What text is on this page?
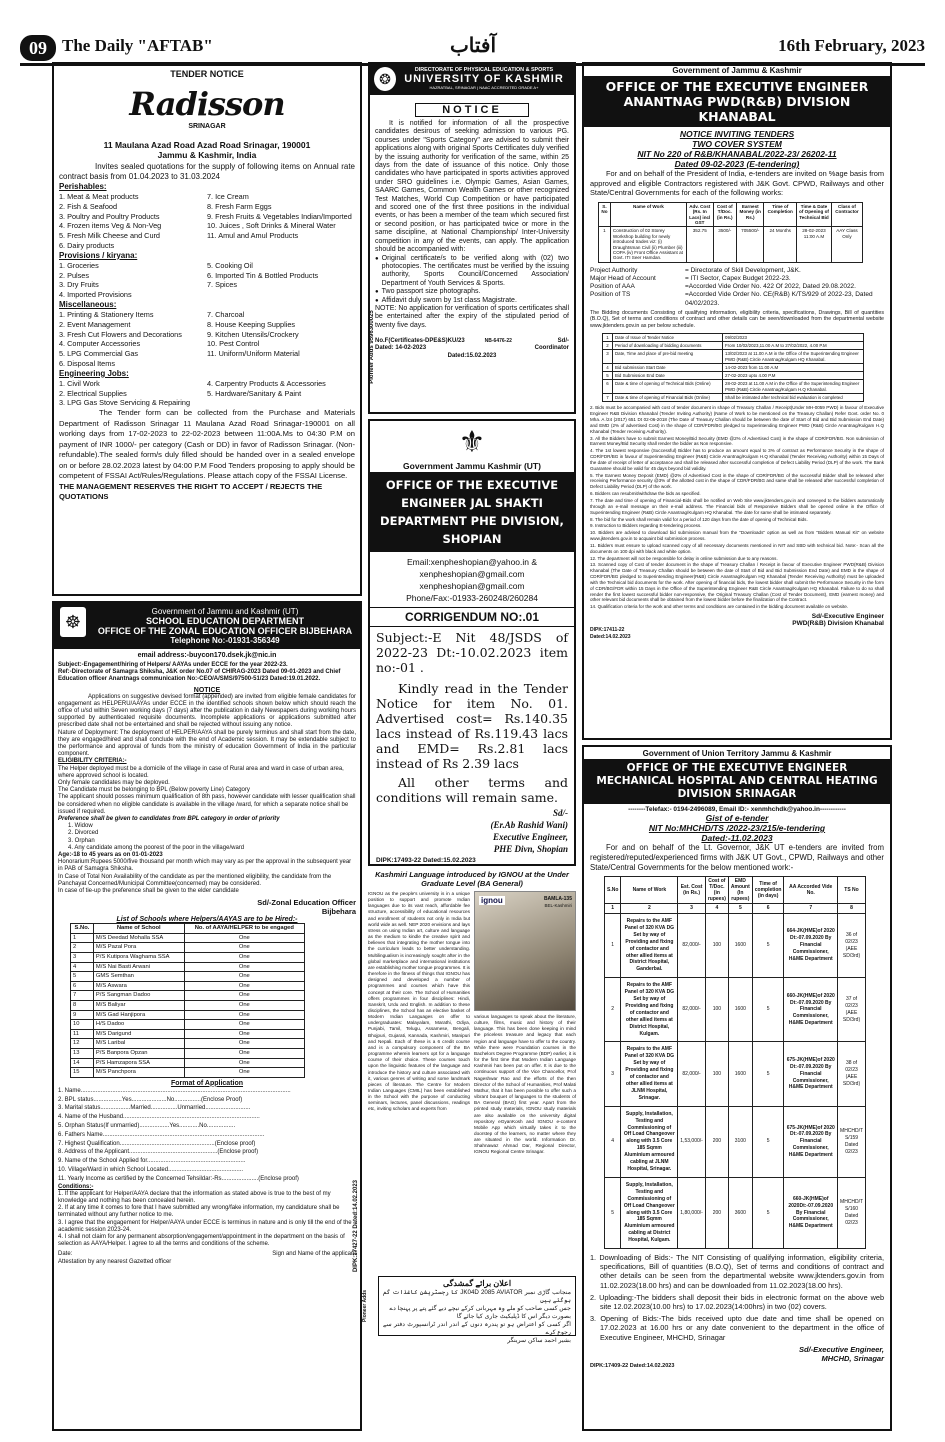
09 The Daily "AFTAB"	آفتاب	16th February, 2023
TENDER NOTICE
Radisson
SRINAGAR
11 Maulana Azad Road Azad Road Srinagar, 190001
Jammu & Kashmir, India
Invites sealed quotations for the supply of following items on Annual rate contract basis from 01.04.2023 to 31.03.2024
Perishables:
1. Meat & Meat products
2. Fish & Seafood
3. Poultry and Poultry Products
4. Frozen items Veg & Non-Veg
5. Fresh Milk Cheese and Curd
6. Dairy products
7. Ice Cream
8. Fresh Farm Eggs
9. Fresh Fruits & Vegetables Indian/Imported
10. Juices , Soft Drinks & Mineral Water
11. Amul and Amul Products

Provisions / kiryana:
1. Groceries
2. Pulses
3. Dry Fruits
4. Imported Provisions
5. Cooking Oil
6. Imported Tin & Bottled Products
7. Spices

Miscellaneous:
1. Printing & Stationery Items
2. Event Management
3. Fresh Cut Flowers and Decorations
4. Computer Accessories
5. LPG Commercial Gas
6. Disposal Items
7. Charcoal
8. House Keeping Supplies
9. Kitchen Utensils/Crockery
10. Pest Control
11. Uniform/Uniform Material

Engineering Jobs:
1. Civil Work
2. Electrical Supplies
3. LPG Gas Stove Servicing & Repairing
4. Carpentry Products & Accessories
5. Hardware/Sanitary & Paint

The Tender form can be collected from the Purchase and Materials Department of Radisson Srinagar 11 Maulana Azad Road Srinagar-190001 on all working days from 17-02-2023 to 22-02-2023 between 11:00A.Ms to 04:30 P.M on payment of INR 1000/- per category (Cash or DD) in favor of Radisson Srinagar. (Non- refundable).The sealed form/s duly filled should be handed over in a sealed envelope on or before 28.02.2023 latest by 04:00 P.M Food Tenders proposing to apply should be competent of FSSAI Act/Rules/Regulations. Please attach copy of the FSSAI License.
THE MANAGEMENT RESERVES THE RIGHT TO ACCEPT / REJECTS THE QUOTATIONS
Pioneer Adds 9596300025
☸
Government of Jammu and Kashmir (UT)
SCHOOL EDUCATION DEPARTMENT
OFFICE OF THE ZONAL EDUCATION OFFICER BIJBEHARA
Telephone No:-01931-356349
email address:-buycon170.dsek.jk@nic.in
Subject:-Engagement/hiring of Helpers/ AAYAs under ECCE for the year 2022-23.
Ref:-Directorate of Samagra Shiksha, J&K order No.07 of CHIRAG-2023 Dated 09-01-2023 and Chief Education officer Anantnags communication No:-CEO/A/SMS/97500-51/23 Dated:19.01.2022.
NOTICE
Applications on suggestive devised format (appended) are invited from eligible female candidates for engagement as HELPERU/AAYAs under ECCE in the identified schools shown below which should reach the office of u/sd within Seven working days (7 days) after the publication in daily Newspapers during working hours supported by authenticated requisite documents. Incomplete applications or applications submitted after prescribed date shall not be entertained and shall be rejected without issuing any notice.
Nature of Deployment: The deployment of HELPER/AAYA shall be purely terminus and shall start from the date, they are engaged/hired and shall conclude with the end of Academic session. It may be extendable subject to the performance and approval of funds from the ministry of education Government of India in the particular component.
ELIGIBILITY CRITERIA:-
The Helper deployed must be a domicile of the village in case of Rural area and ward in case of urban area, where approved school is located.
Only female candidates may be deployed.
The Candidate must be belonging to BPL (Below poverty Line) Category
The applicant should posses minimum qualification of 8th pass, however candidate with lesser qualification shall be considered when no eligible candidate is available in the village /ward, for which a separate notice shall be issued if required.
Preference shall be given to candidates from BPL category in order of priority
1. Widow
2. Divorced
3. Orphan
4. Any candidate among the poorest of the poor in the village/ward
Age:-18 to 45 years as on 01-01-2023
Honorarium:Rupees 5000/five thousand per month which may vary as per the approval in the subsequent year in PAB of Samagra Shiksha.
In Case of Total Non Availability of the candidate as per the mentioned eligibility, the candidate from the Panchayat Concerned/Municipal Committee(concerned) may be considered.
In case of tie-up the preference shall be given to the elder candidate
Sd/-Zonal Education Officer
Bijbehara
List of Schools where Helpers/AAYAS are to be Hired:-
S.No.	Name of School	No. of AAYA/HELPER to be engaged
1	M/S Deedad Mohalla SSA	One
2	M/S Pazal Pora	One
3	P/S Kutipora Waghama SSA	One
4	M/S Nai Basti Arwani	One
5	GMS Semthan	One
6	M/S Aswara	One
7	P/S Sangman Dadoo	One
8	M/S Baliyar	One
9	M/S Gad Hanjipora	One
10	H/S Dadoo	One
11	M/S Darigund	One
12	M/S Laribal	One
13	P/S Banpora Opzan	One
14	P/S Hamzapora SSA	One
15	M/S Panchpora	One
Format of Application
1. Name..............................................................................................................................
2. BPL status.................Yes.....................No................(Enclose Proof)
3. Marital status..................Married................Unmarried...........................
4. Name of the Husband..................................................................................
5. Orphan Status(If unmarried)..................Yes............No.................
6. Fathers Name.................................................................................................
7. Highest Qualification.........................................................(Enclose proof)
8. Address of the Applicant.....................................................(Enclose proof)
9. Name of the School Applied for...........................................................
10. Village/Ward in which School Located.............................................
11. Yearly Income as certified by the Concerned Tehsildar:-Rs......................(Enclose proof)
Conditions:-
1. If the applicant for Helper/AAYA declare that the information as stated above is true to the best of my knowledge and nothing has been concealed herein.
2. If at any time it comes to fore that I have submitted any wrong/fake information, my candidature shall be terminated without any further notice to me.
3. I agree that the engagement for Helper/AAYA under ECCE is terminus in nature and is only till the end of the academic session 2023-24.
4. I shall not claim for any permanent absorption/engagement/appointment in the department on the basis of selection as AAYA/Helper. I agree to all the terms and conditions of the scheme.
Date:	Sign and Name of the applicant
Attestation by any nearest Gazetted officer	DIPK:17427-22 Dated:14.02.2023
❂
DIRECTORATE OF PHYSICAL EDUCATION & SPORTS
UNIVERSITY OF KASHMIR
HAZRATBAL, SRINAGAR | NAAC ACCREDITED GRADE A+
NOTICE
It is notified for information of all the prospective candidates desirous of seeking admission to various PG. courses under "Sports Category" are advised to submit their applications along with original Sports Certificates duly verified by the issuing authority for verification of the same, within 25 days from the date of issuance of this notice. Only those candidates who have participated in sports activities approved under SRO guidelines i.e. Olympic Games, Asian Games, SAARC Games, Common Wealth Games or other recognized Test Matches, World Cup Competition or have participated and scored one of the first three positions in the individual events, or has been a member of the team which secured first or second position, or has participated twice or more in the same discipline, at National Championship/ Inter-University competition in any of the events, can apply. The application should be accompanied with:
● Original certificate/s to be verified along with (02) two photocopies. The certificates must be verified by the issuing authority, Sports Council/Concerned Association/ Department of Youth Services & Sports.
● Two passport size photographs.
● Affidavit duly sworn by 1st class Magistrate.
NOTE: No application for verification of sports certificates shall be entertained after the expiry of the stipulated period of twenty five days.
No.F(Certificates-DPE&S)KU/23
Dated: 14-02-2023
NB-6476-22	Sd/-
Coordinator
Dated:15.02.2023
⚜
Government Jammu Kashmir (UT)
OFFICE OF THE EXECUTIVE ENGINEER JAL SHAKTI DEPARTMENT PHE DIVISION, SHOPIAN
Email:xenpheshopian@yahoo.in &
xenpheshopian@gmail.com
xenpheshopian@gmail.com
Phone/Fax:-01933-260248/260284
CORRIGENDUM NO:.01
Subject:-E Nit 48/JSDS of 2022-23 Dt:-10.02.2023 item no:-01 .
Kindly read in the Tender Notice for item No. 01. Advertised cost= Rs.140.35 lacs instead of Rs.119.43 lacs and EMD= Rs.2.81 lacs instead of Rs 2.39 lacs
All other terms and conditions will remain same.
Sd/-
(Er.Ab Rashid Wani)
Executive Engineer,
PHE Divn, Shopian
DIPK:17493-22 Dated:15.02.2023
Kashmiri Language introduced by IGNOU at the Under Graduate Level (BA General)
IGNOU as the people's university is in a unique position to support and promote Indian languages due to its vast reach, affordable fee structure, accessibility of educational resources and enrollment of students not only in India but world wide as well. NEP 2020 envisions and lays stress on using Indian art, culture and language as the medium to kindle the creative spirit and believes that integrating the mother tongue into the curriculum leads to better understanding. Multilingualism is increasingly sought after in the global marketplace and international institutions are establishing mother tongue programmes. It is therefore in the fitness of things that IGNOU has designed and developed a number of programmes and courses which have this concept at their core. The School of Humanities offers programmes in four disciplines: Hindi, Sanskrit, Urdu and English. In addition to these disciplines, the School has an elective basket of Modern Indian Languages on offer to undergraduates: Malayalam, Marathi, Odiya, Punjabi, Tamil, Telugu, Assamese, Bengali, Bhojpuri, Gujarati, Kannada, Kashmiri, Manipuri and Nepali. Each of these is a 6 credit course and is a compulsory component of the BA programme wherein learners opt for a language course of their choice. These courses touch upon the linguistic features of the language and introduce the history and culture associated with it, various genres of writing and some landmark pieces of literature. The Centre for Modern Indian Languages (CMIL) has been established in the School with the purpose of conducting seminars, lectures, panel discussions, readings etc, inviting scholars and experts from
ignou	BAMLA-135
BEL-Kashmiri
various languages to speak about the literature, culture, films, music and history of their language. This has been done keeping in mind the priceless treasure and legacy that each region and language have to offer to the country. While there were Foundation courses in the Bachelors Degree Programme (BDP) earlier, it is for the first time that Modern Indian Language Kashmiri has been put on offer. It is due to the continuous support of the Vice Chancellor, Prof Nageshwar Rao and the efforts of the then Director of the School of Humanities, Prof Malati Mathur, that it has been possible to offer such a vibrant bouquet of languages to the students of BA General (BAG) first year. Apart from the printed study materials, IGNOU study materials are also available on the university digital repository eGyanKosh and IGNOU e-content Mobile App which virtually takes it to the doorstep of the learners, no matter where they are situated in the world. Information Dr. Shahnawaz Ahmad Dar, Regional Director, IGNOU Regional Centre Srinagar.
اعلان برائے گمشدگی
منجانب گاڑی نمبر JK04D 2085 AVIATOR کا رجسٹریشن کاغذات گم ہوگئے ہیں
جس کسی صاحب کو ملے وہ مہربانی کرکے نیچے دیے گئے پتے پر پہنچا دے
بصورت دیگر اس کا ڈپلیکیٹ جاری کیا جائے گا
اگر کسی کو اعتراض ہو تو پندرہ دنوں کے اندر اندر ٹرانسپورٹ دفتر سے رجوع کرے
بشیر احمد ساکن سرینگر
Pioneer Adds
Government of Jammu & Kashmir
OFFICE OF THE EXECUTIVE ENGINEER ANANTNAG PWD(R&B) DIVISION KHANABAL
NOTICE INVITING TENDERS
TWO COVER SYSTEM
NIT No 220 of R&B/KHANABAL/2022-23/ 26202-11
Dated 09-02-2023 (E-tendering)
For and on behalf of the President of India, e-tenders are invited on %age basis from approved and eligible Contractors registered with J&K Govt. CPWD, Railways and other State/Central Governments for each of the following works:
S. No	Name of Work	Adv. Cost (Rs. In Lacs) incl GST	Cost of T/Doc. (in Rs.)	Earnest Money (in Rs.)	Time of Completion	Time & Date of Opening of Technical Bid	Class of Contractor
1	Construction of 02 Storey Workshop building for newly introduced trades viz: (i) Draughtsman Civil (ii) Plumber (iii) COPA (iv) Front Office Assistant at Govt. ITI Seer Hamdan.	352.75	3500/-	705500/-	24 Months	28-02-2023 11:00 A.M	AAY Class Only
Project Authority	= Directorate of Skill Development, J&K.
Major Head of Account	= ITI Sector, Capex Budget 2022-23.
Position of AAA	=Accorded Vide Order No. 422 Of 2022, Dated 29.08.2022.
Position of TS	=Accorded Vide Order No. CE(R&B) K/TS/929 of 2022-23, Dated 04/02/2023.
The Bidding documents Consisting of qualifying information, eligibility criteria, specifications, Drawings, Bill of quantities (B.O.Q), Set of terms and conditions of contract and other details can be seen/downloaded from the departmental website www.jktenders.gov.in as per below schedule.
1	Date of Issue of Tender Notice	09/02/2023
2	Period of downloading of bidding documents	From 10/02/2023,11.00 A.M to 27/02/2022, 4.00 P.M
3	Date, Time and place of pre-bid meeting	13/02/2023 at 11.00 A.M in the Office of the Superintending Engineer PWD (R&B) Circle Anantnag/Kulgam HQ Khanabal.
4	Bid submission Start Date	14-02-2023 from 11.00 A.M
5	Bid Submission End Date	27-02-2023 upto 4.00 P.M
6	Date & time of opening of Technical Bids (Online)	28-02-2023 at 11.00 A.M in the Office of the Superintending Engineer PWD (R&B) Circle Anantnag/Kulgam H.Q Khanabal.
7	Date & time of opening of Financial Bids (Online)	Shall be intimated after technical bid evaluation is completed
2. Bids must be accompanied with cost of tender document in shape of Treasury Challan / Receipt(Under MH-0059 PWD) in favour of Executive Engineer R&B Division Khanabal (Tender Inviting Authority) (Name of Work to be mentioned on the Treasury Challan) Refer Govt. order No. 0 Mha. A /24 (2017) 651 Dt 02-06-2018 (The Date of Treasury Challan should be between the date of Start of Bid and Bid Submission End Date) and EMD (2% of advertised Cost) in the shape of CDR/FDR/BG pledged to Superintending Engineer PWD (R&B) Circle Anantnag/Kulgam H.Q Khanabal (Tender receiving Authority).
3. All the Bidders have to submit Earnest Money/Bid Security (EMD @2% of Advertised Cost) in the shape of CDR/FDR/BG. Non submission of Earnest Money/Bid Security shall render the bidder as Non responsive.
4. The 1st lowest responsive (Successful) Bidder has to produce an amount equal to 3% of contract as Performance Security in the shape of CDR/FDR/BG in favour of Superintending Engineer (R&B) Circle Anantnag/Kulgam H.Q Khanabal (Tender Receiving Authority) within 15 Days of the date of receipt of letter of acceptance and shall be released after successful completion of Defect Liability Period (DLP) of the work. The Bank Guarantee should be valid for 45 days beyond bid validity.
5. The Earnest Money Deposit (EMD) @2% of Advertised Cost in the shape of CDR/FDR/BG of the successful Bidder shall be released after receiving Performance security @3% of the allotted cost in the shape of CDR/FDR/BG and same shall be released after successful completion of Defect Liability Period (DLP) of the work.
6. Bidders can resubmit/withdraw the bids as specified.
7. The date and time of opening of Financial-Bids shall be notified on Web Site www.jktenders.gov.in and conveyed to the bidders automatically through an e-mail message on their e-mail address. The Financial bids of Responsive Bidders shall be opened online in the Office of Superintending Engineer (R&B) Circle Anantnag/Kulgam HQ Khanabal. The date for same shall be intimated separately.
8. The bid for the work shall remain valid for a period of 120 days from the date of opening of Technical Bids.
9. Instruction to Bidders regarding E-tendering process.
10. Bidders are advised to download bid submission manual from the "Downloads" option as well as from "Bidders Manual Kit" on website www.jktenders.gov.in to acquaint bid submission process.
11. Bidders must ensure to upload scanned copy of all necessary documents mentioned in NIT and SBD with technical bid. Note:- Scan all the documents on 100 dpi with black and white option.
12. The department will not be responsible for delay in online submission due to any reasons.
13. Scanned copy of Cost of tender document in the shape of Treasury Challan / Receipt in favour of Executive Engineer PWD(R&B) Division Khanabal (The Date of Treasury Challan should be between the date of Start of Bid and Bid Submission End Date) and EMD in the shape of CDR/FDR/BG pledged to Superintending Engineer(R&B) Circle Anantnag/Kulgam HQ Khanabal (Tender Receiving Authority) must be uploaded with the Technical bid documents for the work. After opening of financial bids, the lowest bidder shall submit the Performance Security in the form of CDR/BG/FDR within 15 Days in the Office of the Superintending Engineer R&B Circle Anantnag/Kulgam HQ Khanabal. Failure to do so shall render the first lowest successful bidder non-responsive, the Original Treasury Challan (Cost of Tender Document), EMD (earnest money) and other relevant bid documents shall be obtained from the lowest bidder before the finalization of the Contract.
14. Qualification criteria for the work and other terms and conditions are contained in the bidding document available on website.
Sd/-Executive Engineer
PWD(R&B) Division Khanabal
DIPK:17411-22
Dated:14.02.2023
Government of Union Territory Jammu & Kashmir
OFFICE OF THE EXECUTIVE ENGINEER MECHANICAL HOSPITAL AND CENTRAL HEATING DIVISION SRINAGAR
--------Telefax:- 0194-2496089, Email ID:- xenmhchdk@yahoo.in------------
Gist of e-tender
NIT No:MHCHD/TS /2022-23/215/e-tendering
Dated:-11.02.2023
For and on behalf of the Lt. Governor, J&K UT e-tenders are invited from registered/reputed/experienced firms with J&K UT Govt., CPWD, Railways and other State/Central Governments for the below mentioned work:-
S.No	Name of Work	Est. Cost (in Rs.)	Cost of T/Doc. (in rupees)	EMD Amount (In rupees)	Time of completion (in days)	AA Accorded Vide No.	TS No
1	2	3	4	5	6	7	8
1	Repairs to the AMF Panel of 320 KVA DG Set by way of Providing and fixing of contactor and other allied items at District Hospital, Ganderbal.	82,000/-	100	1600	5	664-JK(HME)of 2020 Dt:-07.09.2020 By Financial Commissioner, H&ME Department	36 of 02/23 (AEE SD/3rd)
2	Repairs to the AMF Panel of 320 KVA DG Set by way of Providing and fixing of contactor and other allied items at District Hospital, Kulgam.	82,000/-	100	1600	5	660-JK(HME)of 2020 Dt:-07.09.2020 By Financial Commissioner, H&ME Department	37 of 02/23 (AEE SD/3rd)
3	Repairs to the AMF Panel of 320 KVA DG Set by way of Providing and fixing of contactor and other allied items at JLNM Hospital, Srinagar.	82,000/-	100	1600	5	675-JK(HME)of 2020 Dt:-07.09.2020 By Financial Commissioner, H&ME Department	38 of 02/23 (AEE SD/3rd)
4	Supply, Installation, Testing and Commissioning of Off Load Changeover along with 3.5 Core 185 Sqmm Aluminium armoured cabling at JLNM Hospital, Srinagar.	1,53,000/-	200	3100	5	675-JK(HME)of 2020 Dt:-07.09.2020 By Financial Commissioner, H&ME Department	MHCHD/T S/159 Dated 02/23
5	Supply, Installation, Testing and Commissioning of Off Load Changeover along with 3.5 Core 185 Sqmm Aluminium armoured cabling at District Hospital, Kulgam.	1,80,000/-	200	3600	5	660-JK(HME)of 2020Dt:-07.09.2020 By Financial Commissioner, H&ME Department	MHCHD/T S/160 Dated 02/23
1. Downloading of Bids:- The NIT Consisting of qualifying information, eligibility criteria, specifications, Bill of quantities (B.O.Q), Set of terms and conditions of contract and other details can be seen from the departmental website www.jktenders.gov.in from 11.02.2023(18.00 hrs) and can be downloaded from 11.02.2023(18.00 hrs).
2. Uploading:-The bidders shall deposit their bids in electronic format on the above web site 12.02.2023(10.00 hrs) to 17.02.2023(14:00hrs) in two (02) covers.
3. Opening of Bids:-The bids received upto due date and time shall be opened on 17.02.2023 at 16.00 hrs or any date convenient to the department in the office of Executive Engineer, MHCHD, Srinagar
Sd/-Executive Engineer,
MHCHD, Srinagar
DIPK:17409-22 Dated:14.02.2023
